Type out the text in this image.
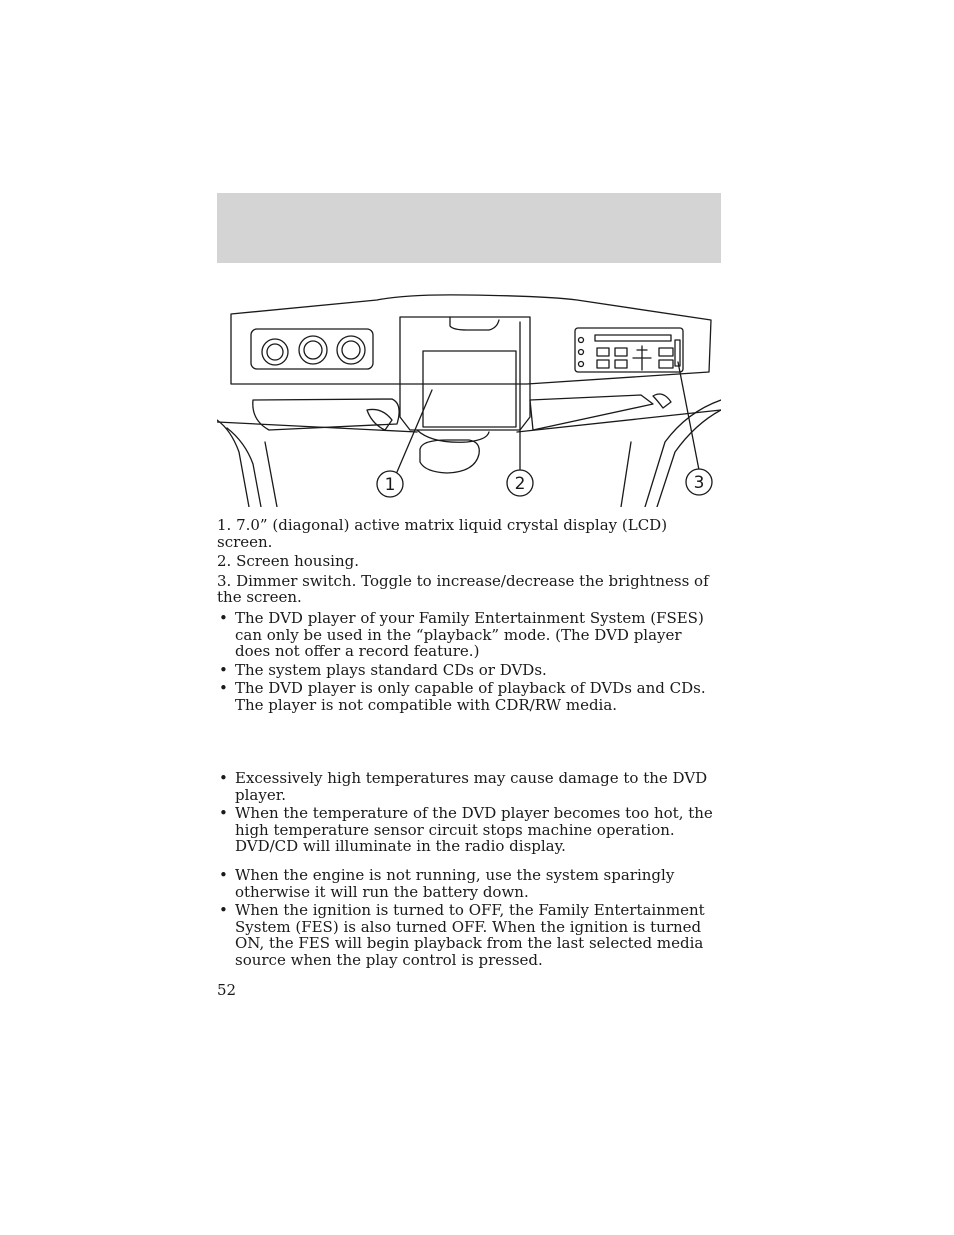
1	2	3
1. 7.0” (diagonal) active matrix liquid crystal display (LCD) screen.
2. Screen housing.
3. Dimmer switch. Toggle to increase/decrease the brightness of the screen.
• The DVD player of your Family Entertainment System (FSES) can only be used in the “playback” mode. (The DVD player does not offer a record feature.)
• The system plays standard CDs or DVDs.
• The DVD player is only capable of playback of DVDs and CDs. The player is not compatible with CDR/RW media.
• Excessively high temperatures may cause damage to the DVD player.
• When the temperature of the DVD player becomes too hot, the high temperature sensor circuit stops machine operation. DVD/CD will illuminate in the radio display.
• When the engine is not running, use the system sparingly otherwise it will run the battery down.
• When the ignition is turned to OFF, the Family Entertainment System (FES) is also turned OFF. When the ignition is turned ON, the FES will begin playback from the last selected media source when the play control is pressed.
52
